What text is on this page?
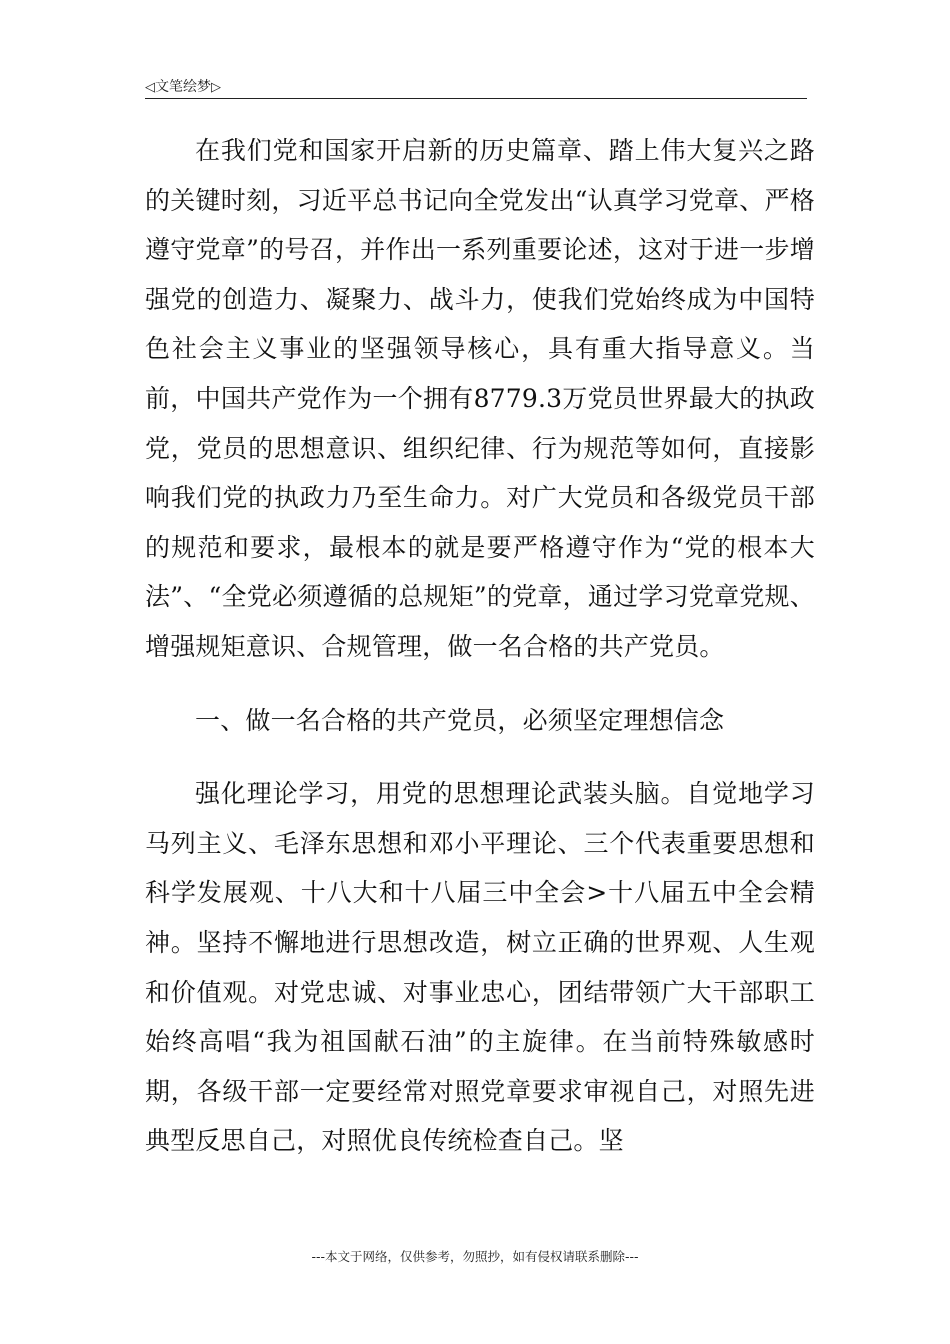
◁文笔绘梦▷

在我们党和国家开启新的历史篇章、踏上伟大复兴之路的关键时刻，习近平总书记向全党发出“认真学习党章、严格遵守党章”的号召，并作出一系列重要论述，这对于进一步增强党的创造力、凝聚力、战斗力，使我们党始终成为中国特色社会主义事业的坚强领导核心，具有重大指导意义。当前，中国共产党作为一个拥有8779.3万党员世界最大的执政党，党员的思想意识、组织纪律、行为规范等如何，直接影响我们党的执政力乃至生命力。对广大党员和各级党员干部的规范和要求，最根本的就是要严格遵守作为“党的根本大法”、“全党必须遵循的总规矩”的党章，通过学习党章党规、增强规矩意识、合规管理，做一名合格的共产党员。

一、做一名合格的共产党员，必须坚定理想信念

强化理论学习，用党的思想理论武装头脑。自觉地学习马列主义、毛泽东思想和邓小平理论、三个代表重要思想和科学发展观、十八大和十八届三中全会>十八届五中全会精神。坚持不懈地进行思想改造，树立正确的世界观、人生观和价值观。对党忠诚、对事业忠心，团结带领广大干部职工始终高唱“我为祖国献石油”的主旋律。在当前特殊敏感时期，各级干部一定要经常对照党章要求审视自己，对照先进典型反思自己，对照优良传统检查自己。坚

---本文于网络，仅供参考，勿照抄，如有侵权请联系删除---
